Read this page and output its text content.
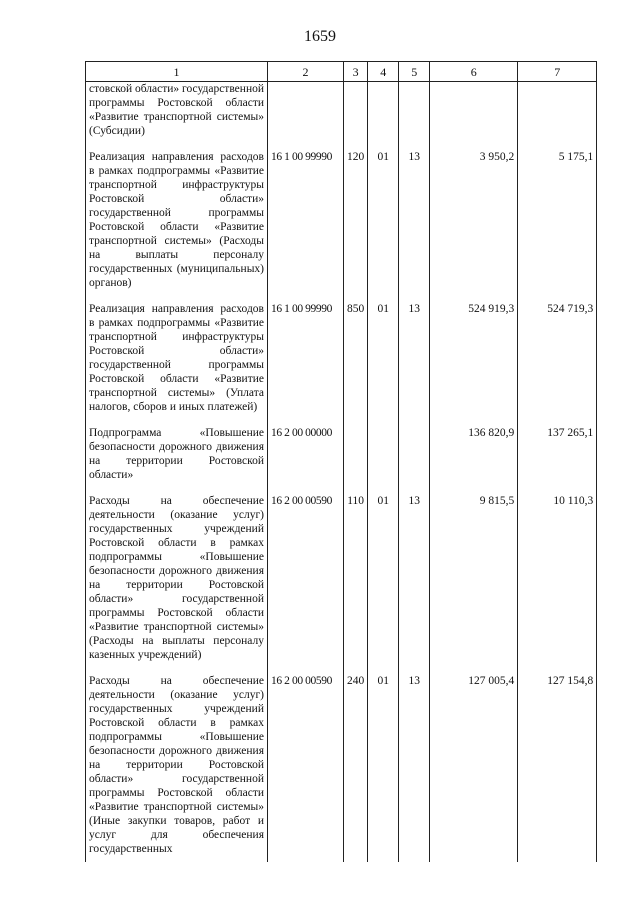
1659
1	2	3	4	5	6	7
стовской области» государственной программы Ростовской области «Развитие транспортной системы» (Субсидии)						
Реализация направления расходов в рамках подпрограммы «Развитие транспортной инфраструктуры Ростовской области» государственной программы Ростовской области «Развитие транспортной системы» (Расходы на выплаты персоналу государственных (муниципальных) органов)	16 1 00 99990	120	01	13	3 950,2	5 175,1
Реализация направления расходов в рамках подпрограммы «Развитие транспортной инфраструктуры Ростовской области» государственной программы Ростовской области «Развитие транспортной системы» (Уплата налогов, сборов и иных платежей)	16 1 00 99990	850	01	13	524 919,3	524 719,3
Подпрограмма «Повышение безопасности дорожного движения на территории Ростовской области»	16 2 00 00000				136 820,9	137 265,1
Расходы на обеспечение деятельности (оказание услуг) государственных учреждений Ростовской области в рамках подпрограммы «Повышение безопасности дорожного движения на территории Ростовской области» государственной программы Ростовской области «Развитие транспортной системы» (Расходы на выплаты персоналу казенных учреждений)	16 2 00 00590	110	01	13	9 815,5	10 110,3
Расходы на обеспечение деятельности (оказание услуг) государственных учреждений Ростовской области в рамках подпрограммы «Повышение безопасности дорожного движения на территории Ростовской области» государственной программы Ростовской области «Развитие транспортной системы» (Иные закупки товаров, работ и услуг для обеспечения государственных	16 2 00 00590	240	01	13	127 005,4	127 154,8
